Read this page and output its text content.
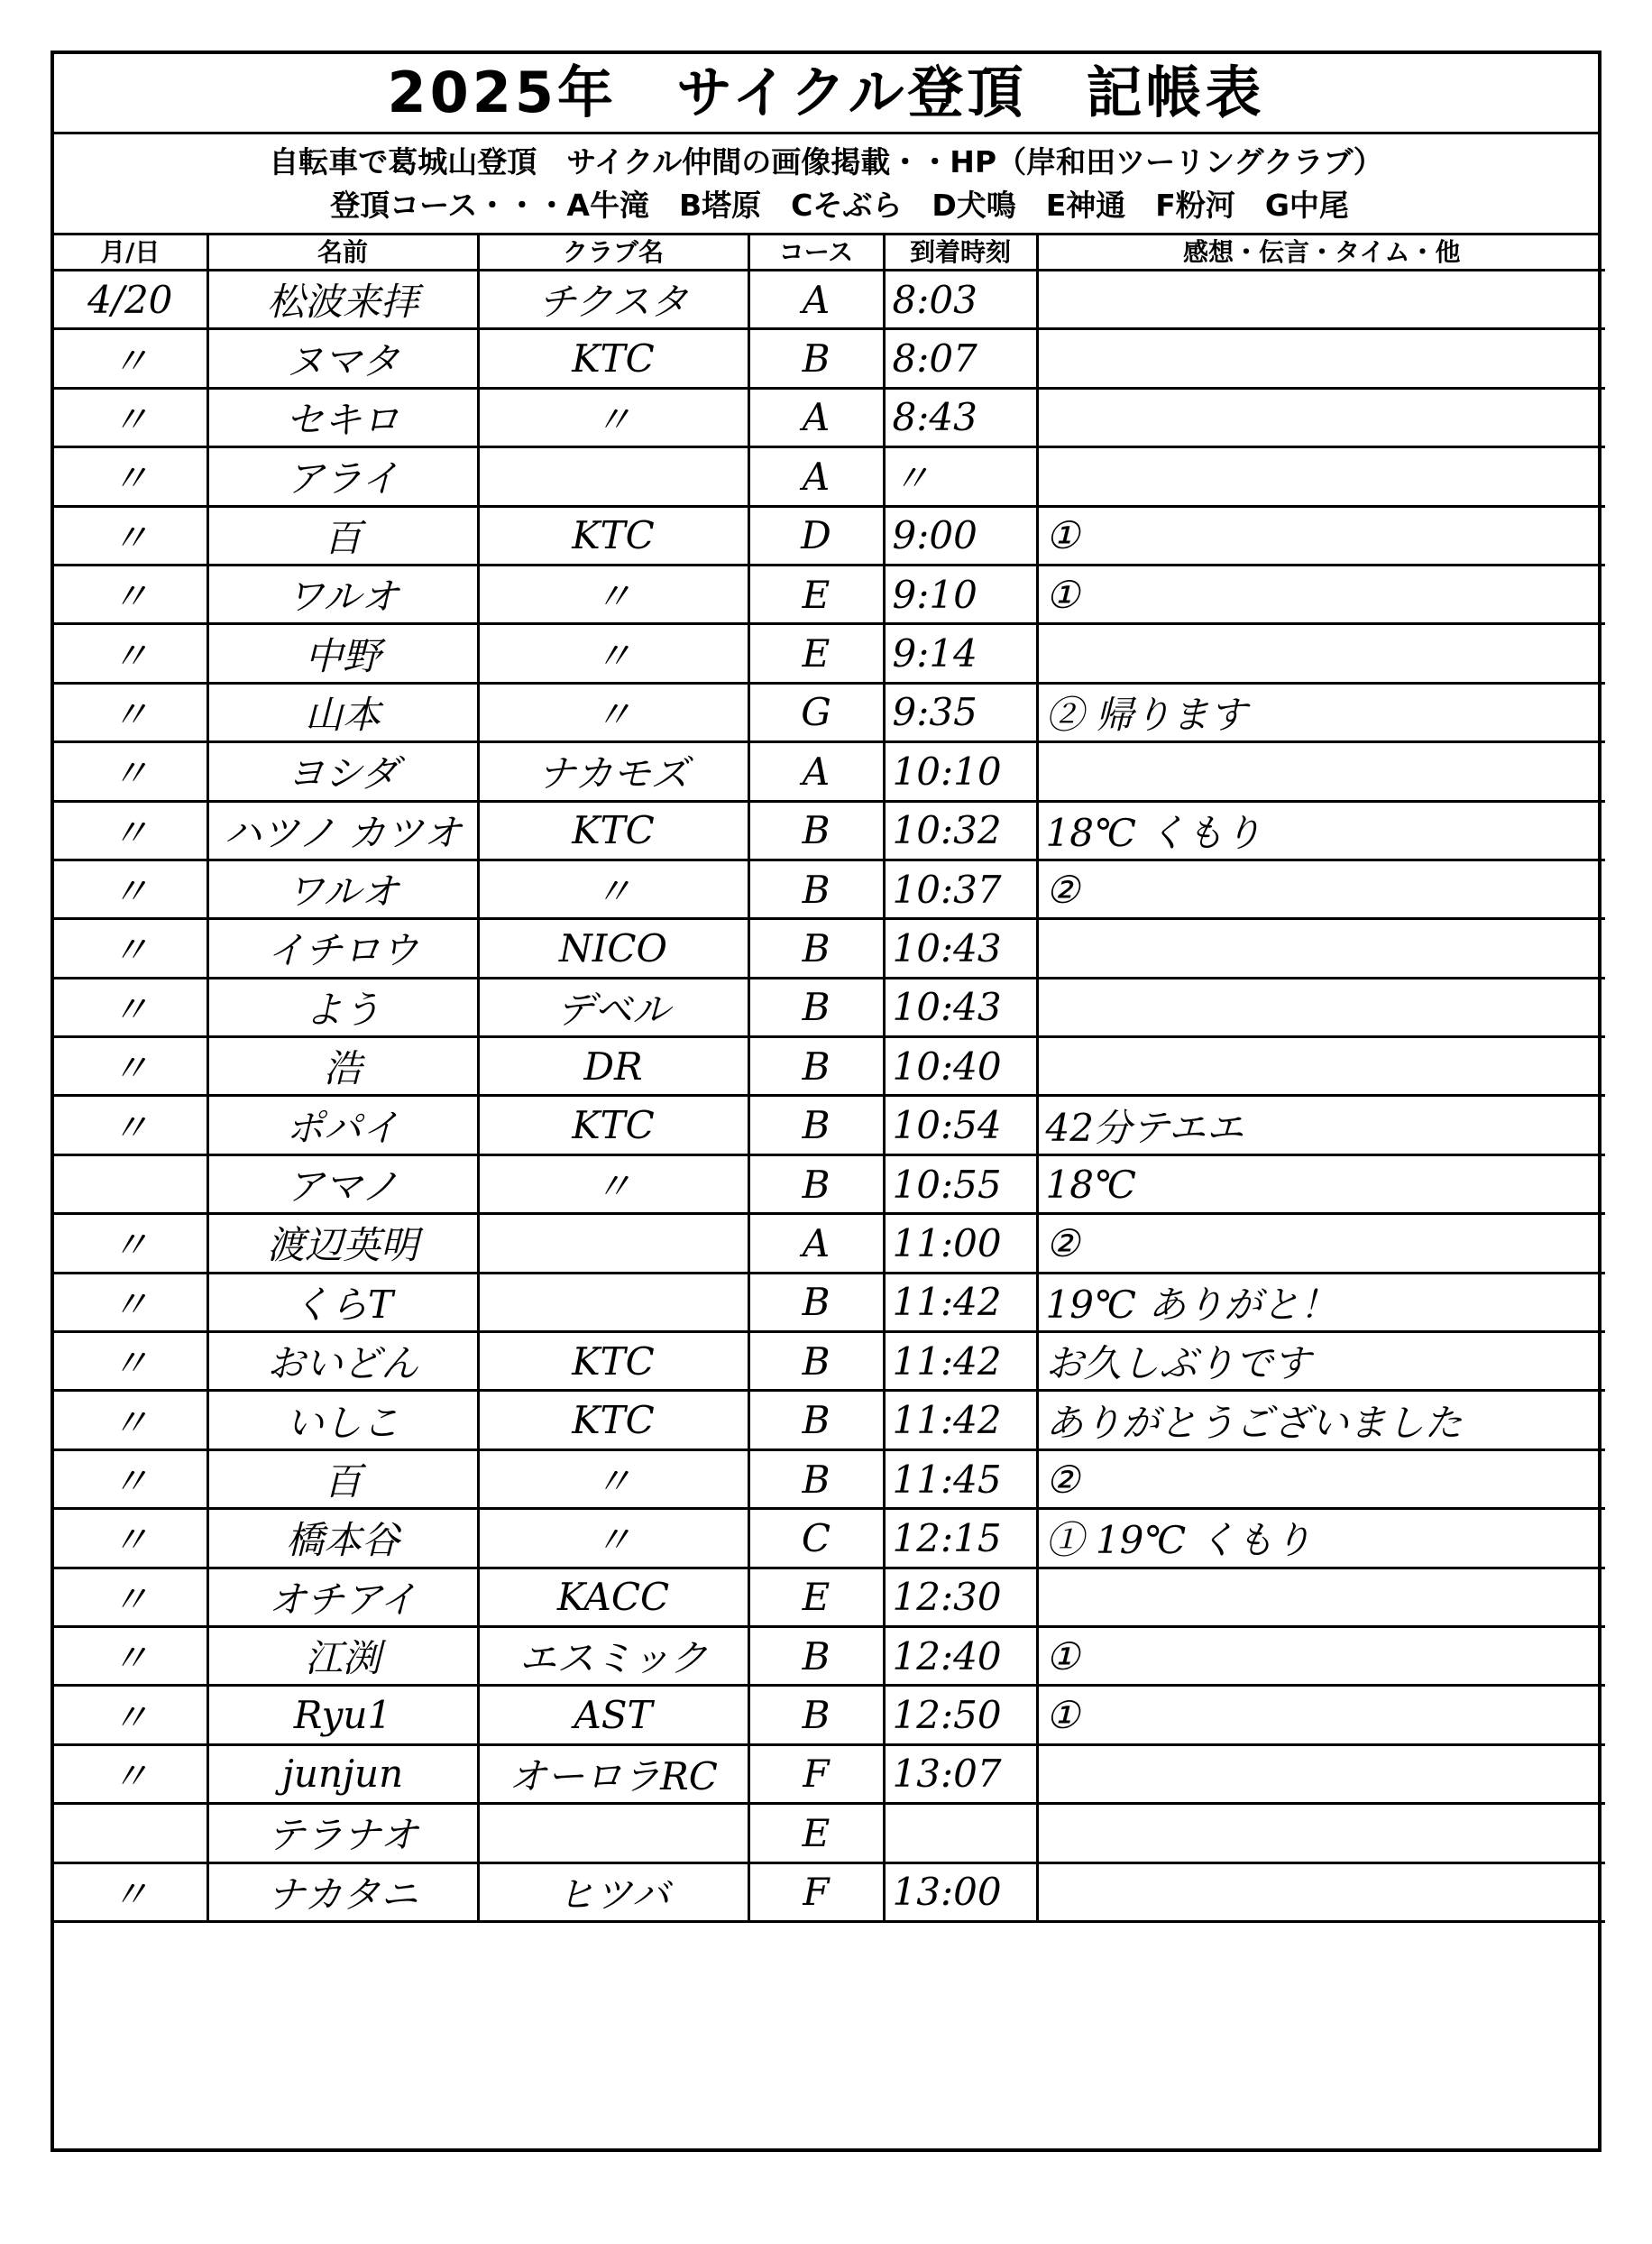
2025年　サイクル登頂　記帳表
自転車で葛城山登頂　サイクル仲間の画像掲載・・HP（岸和田ツーリングクラブ）
登頂コース・・・A牛滝　B塔原　Cそぶら　D犬鳴　E神通　F粉河　G中尾
月/日	名前	クラブ名	コース	到着時刻	感想・伝言・タイム・他
4/20	松波来拝	チクスタ	A	8:03	
〃	ヌマタ	KTC	B	8:07	
〃	セキロ	〃	A	8:43	
〃	アライ		A	〃	
〃	百	KTC	D	9:00	①
〃	ワルオ	〃	E	9:10	①
〃	中野	〃	E	9:14	
〃	山本	〃	G	9:35	② 帰ります
〃	ヨシダ	ナカモズ	A	10:10	
〃	ハツノ カツオ	KTC	B	10:32	18℃ くもり
〃	ワルオ	〃	B	10:37	②
〃	イチロウ	NICO	B	10:43	
〃	よう	デベル	B	10:43	
〃	浩	DR	B	10:40	
〃	ポパイ	KTC	B	10:54	42分テエエ
	アマノ	〃	B	10:55	18℃
〃	渡辺英明		A	11:00	②
〃	くらT		B	11:42	19℃ ありがと！
〃	おいどん	KTC	B	11:42	お久しぶりです
〃	いしこ	KTC	B	11:42	ありがとうございました
〃	百	〃	B	11:45	②
〃	橋本谷	〃	C	12:15	① 19℃ くもり
〃	オチアイ	KACC	E	12:30	
〃	江渕	エスミック	B	12:40	①
〃	Ryu1	AST	B	12:50	①
〃	junjun	オーロラRC	F	13:07	
	テラナオ		E		
〃	ナカタニ	ヒツバ	F	13:00	
